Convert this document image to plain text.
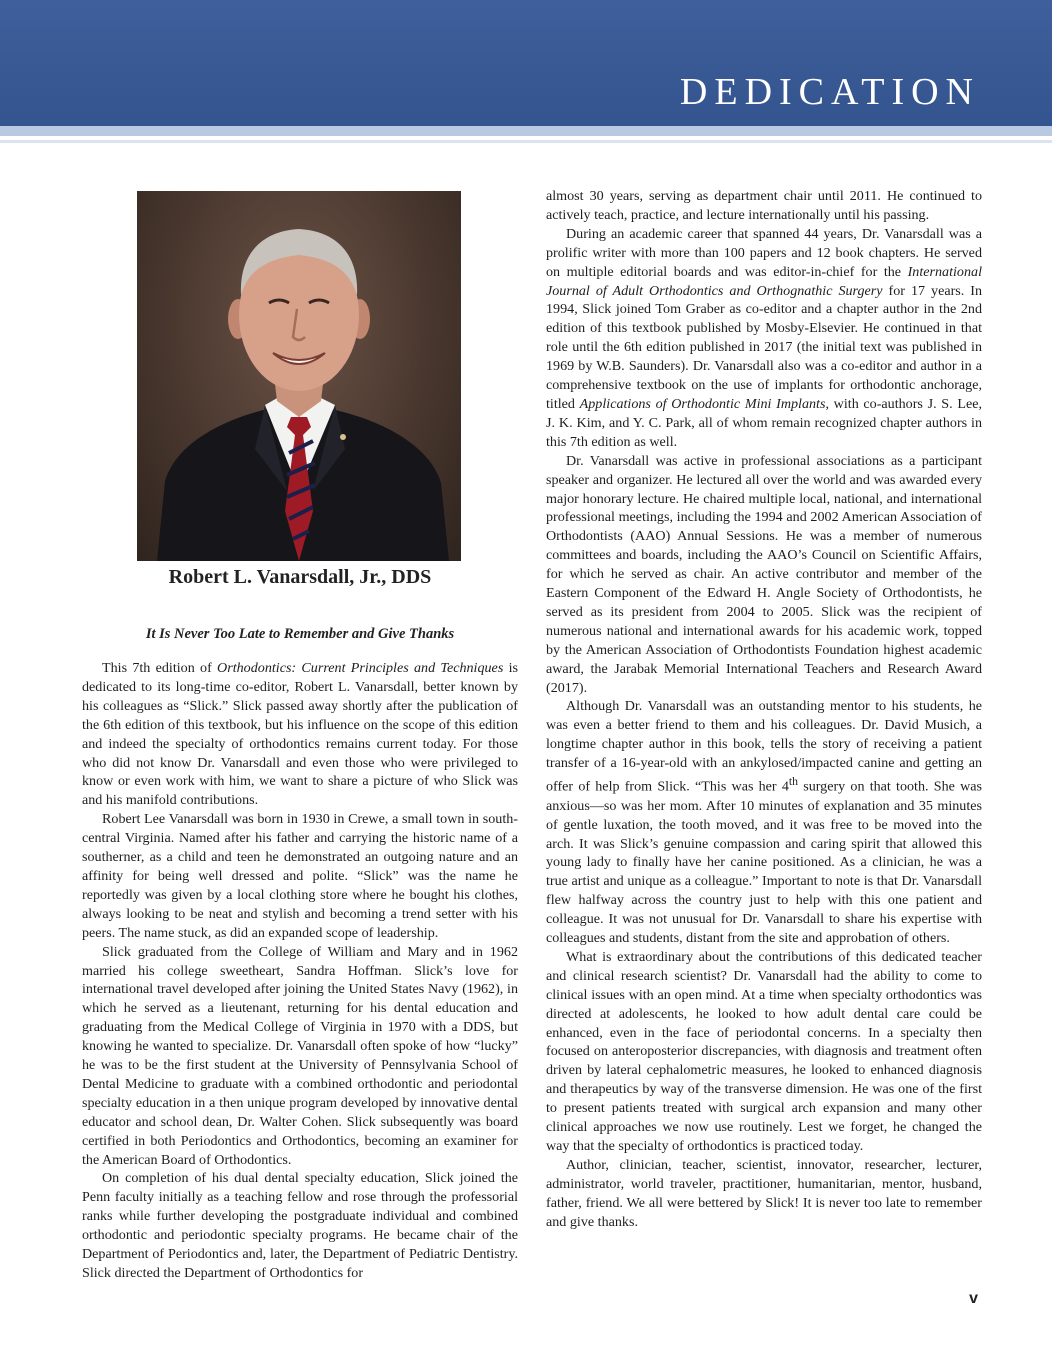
DEDICATION
Robert L. Vanarsdall, Jr., DDS
It Is Never Too Late to Remember and Give Thanks

This 7th edition of Orthodontics: Current Principles and Techniques is dedicated to its long-time co-editor, Robert L. Vanarsdall, better known by his colleagues as “Slick.” Slick passed away shortly after the publication of the 6th edition of this textbook, but his influence on the scope of this edition and indeed the specialty of orthodontics remains current today. For those who did not know Dr. Vanarsdall and even those who were privileged to know or even work with him, we want to share a picture of who Slick was and his manifold contributions.

Robert Lee Vanarsdall was born in 1930 in Crewe, a small town in south-central Virginia. Named after his father and carrying the historic name of a southerner, as a child and teen he demonstrated an outgoing nature and an affinity for being well dressed and polite. “Slick” was the name he reportedly was given by a local clothing store where he bought his clothes, always looking to be neat and stylish and becoming a trend setter with his peers. The name stuck, as did an expanded scope of leadership.

Slick graduated from the College of William and Mary and in 1962 married his college sweetheart, Sandra Hoffman. Slick’s love for international travel developed after joining the United States Navy (1962), in which he served as a lieutenant, returning for his dental education and graduating from the Medical College of Virginia in 1970 with a DDS, but knowing he wanted to specialize. Dr. Vanarsdall often spoke of how “lucky” he was to be the first student at the University of Pennsylvania School of Dental Medicine to graduate with a combined orthodontic and periodontal specialty education in a then unique program developed by innovative dental educator and school dean, Dr. Walter Cohen. Slick subsequently was board certified in both Periodontics and Orthodontics, becoming an examiner for the American Board of Orthodontics.

On completion of his dual dental specialty education, Slick joined the Penn faculty initially as a teaching fellow and rose through the professorial ranks while further developing the postgraduate individual and combined orthodontic and periodontic specialty programs. He became chair of the Department of Periodontics and, later, the Department of Pediatric Dentistry. Slick directed the Department of Orthodontics for

almost 30 years, serving as department chair until 2011. He continued to actively teach, practice, and lecture internationally until his passing.

During an academic career that spanned 44 years, Dr. Vanarsdall was a prolific writer with more than 100 papers and 12 book chapters. He served on multiple editorial boards and was editor-in-chief for the International Journal of Adult Orthodontics and Orthognathic Surgery for 17 years. In 1994, Slick joined Tom Graber as co-editor and a chapter author in the 2nd edition of this textbook published by Mosby-Elsevier. He continued in that role until the 6th edition published in 2017 (the initial text was published in 1969 by W.B. Saunders). Dr. Vanarsdall also was a co-editor and author in a comprehensive textbook on the use of implants for orthodontic anchorage, titled Applications of Orthodontic Mini Implants, with co-authors J. S. Lee, J. K. Kim, and Y. C. Park, all of whom remain recognized chapter authors in this 7th edition as well.

Dr. Vanarsdall was active in professional associations as a participant speaker and organizer. He lectured all over the world and was awarded every major honorary lecture. He chaired multiple local, national, and international professional meetings, including the 1994 and 2002 American Association of Orthodontists (AAO) Annual Sessions. He was a member of numerous committees and boards, including the AAO’s Council on Scientific Affairs, for which he served as chair. An active contributor and member of the Eastern Component of the Edward H. Angle Society of Orthodontists, he served as its president from 2004 to 2005. Slick was the recipient of numerous national and international awards for his academic work, topped by the American Association of Orthodontists Foundation highest academic award, the Jarabak Memorial International Teachers and Research Award (2017).

Although Dr. Vanarsdall was an outstanding mentor to his students, he was even a better friend to them and his colleagues. Dr. David Musich, a longtime chapter author in this book, tells the story of receiving a patient transfer of a 16-year-old with an ankylosed/impacted canine and getting an offer of help from Slick. “This was her 4th surgery on that tooth. She was anxious—so was her mom. After 10 minutes of explanation and 35 minutes of gentle luxation, the tooth moved, and it was free to be moved into the arch. It was Slick’s genuine compassion and caring spirit that allowed this young lady to finally have her canine positioned. As a clinician, he was a true artist and unique as a colleague.” Important to note is that Dr. Vanarsdall flew halfway across the country just to help with this one patient and colleague. It was not unusual for Dr. Vanarsdall to share his expertise with colleagues and students, distant from the site and approbation of others.

What is extraordinary about the contributions of this dedicated teacher and clinical research scientist? Dr. Vanarsdall had the ability to come to clinical issues with an open mind. At a time when specialty orthodontics was directed at adolescents, he looked to how adult dental care could be enhanced, even in the face of periodontal concerns. In a specialty then focused on anteroposterior discrepancies, with diagnosis and treatment often driven by lateral cephalometric measures, he looked to enhanced diagnosis and therapeutics by way of the transverse dimension. He was one of the first to present patients treated with surgical arch expansion and many other clinical approaches we now use routinely. Lest we forget, he changed the way that the specialty of orthodontics is practiced today.

Author, clinician, teacher, scientist, innovator, researcher, lecturer, administrator, world traveler, practitioner, humanitarian, mentor, husband, father, friend. We all were bettered by Slick! It is never too late to remember and give thanks.

v
